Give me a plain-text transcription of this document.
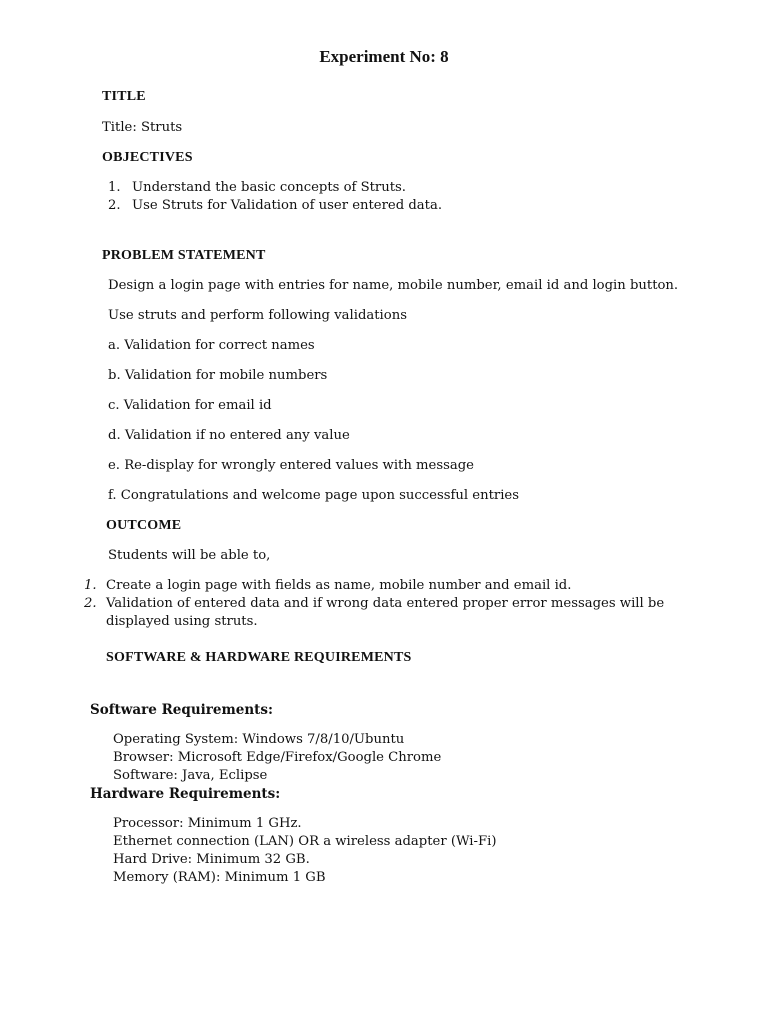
Experiment No: 8
TITLE
Title: Struts
OBJECTIVES
1. Understand the basic concepts of Struts.
2. Use Struts for Validation of user entered data.
PROBLEM STATEMENT
Design a login page with entries for name, mobile number, email id and login button.
Use struts and perform following validations
a. Validation for correct names
b. Validation for mobile numbers
c. Validation for email id
d. Validation if no entered any value
e. Re-display for wrongly entered values with message
f. Congratulations and welcome page upon successful entries
OUTCOME
Students will be able to,
1. Create a login page with fields as name, mobile number and email id.
2. Validation of entered data and if wrong data entered proper error messages will be
displayed using struts.
SOFTWARE & HARDWARE REQUIREMENTS
Software Requirements:
Operating System: Windows 7/8/10/Ubuntu
Browser: Microsoft Edge/Firefox/Google Chrome
Software: Java, Eclipse
Hardware Requirements:
Processor: Minimum 1 GHz.
Ethernet connection (LAN) OR a wireless adapter (Wi-Fi)
Hard Drive: Minimum 32 GB.
Memory (RAM): Minimum 1 GB
